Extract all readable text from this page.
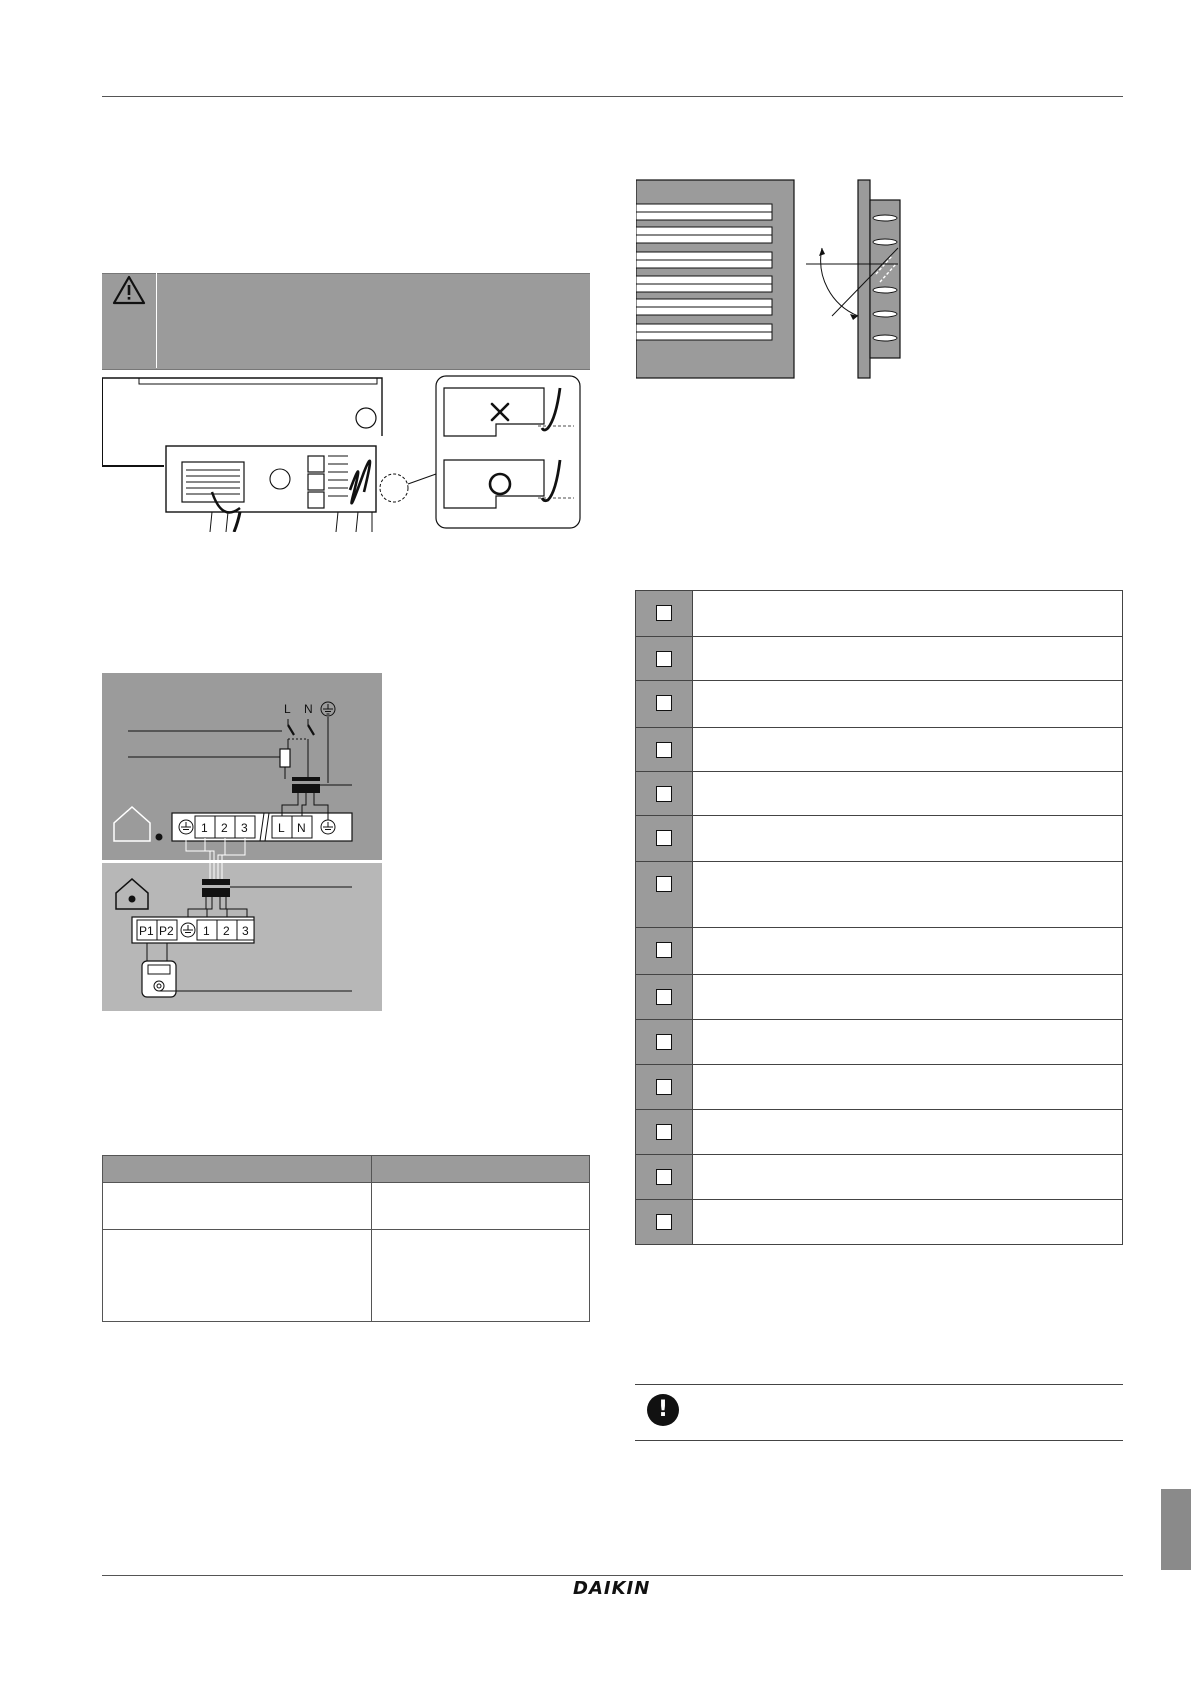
L N
1 2 3	L N
P1 P2 1 2 3

!
DAIKIN
